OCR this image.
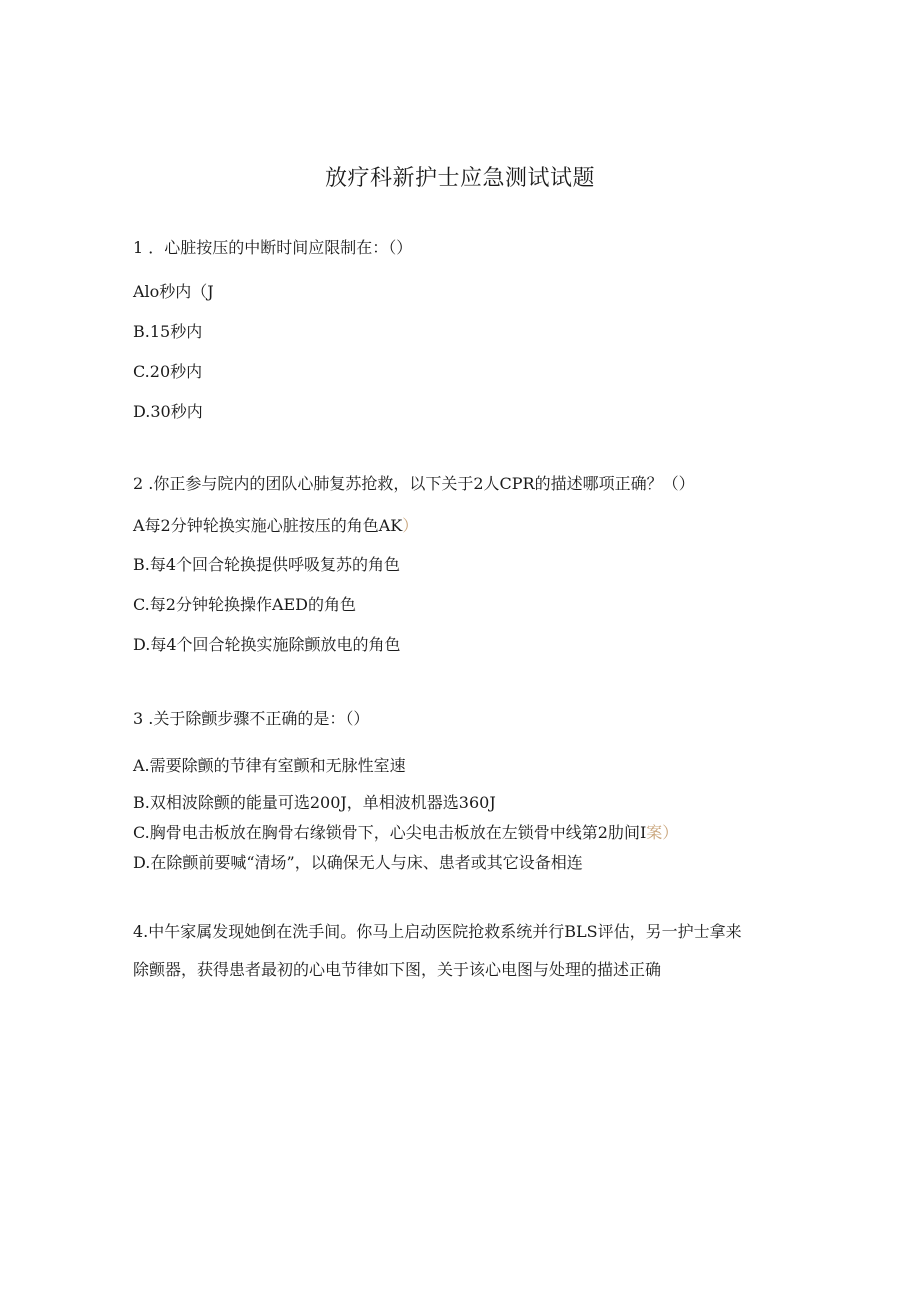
放疗科新护士应急测试试题
1 ．心脏按压的中断时间应限制在：（）
Alo秒内（J
B.15秒内
C.20秒内
D.30秒内
2 .你正参与院内的团队心肺复苏抢救，以下关于2人CPR的描述哪项正确？（）
A每2分钟轮换实施心脏按压的角色AK）
B.每4个回合轮换提供呼吸复苏的角色
C.每2分钟轮换操作AED的角色
D.每4个回合轮换实施除颤放电的角色
3 .关于除颤步骤不正确的是：（）
A.需要除颤的节律有室颤和无脉性室速
B.双相波除颤的能量可选200J，单相波机器选360J
C.胸骨电击板放在胸骨右缘锁骨下，心尖电击板放在左锁骨中线第2肋间I案）
D.在除颤前要喊“清场”，以确保无人与床、患者或其它设备相连
4.中午家属发现她倒在洗手间。你马上启动医院抢救系统并行BLS评估，另一护士拿来
除颤器，获得患者最初的心电节律如下图，关于该心电图与处理的描述正确
